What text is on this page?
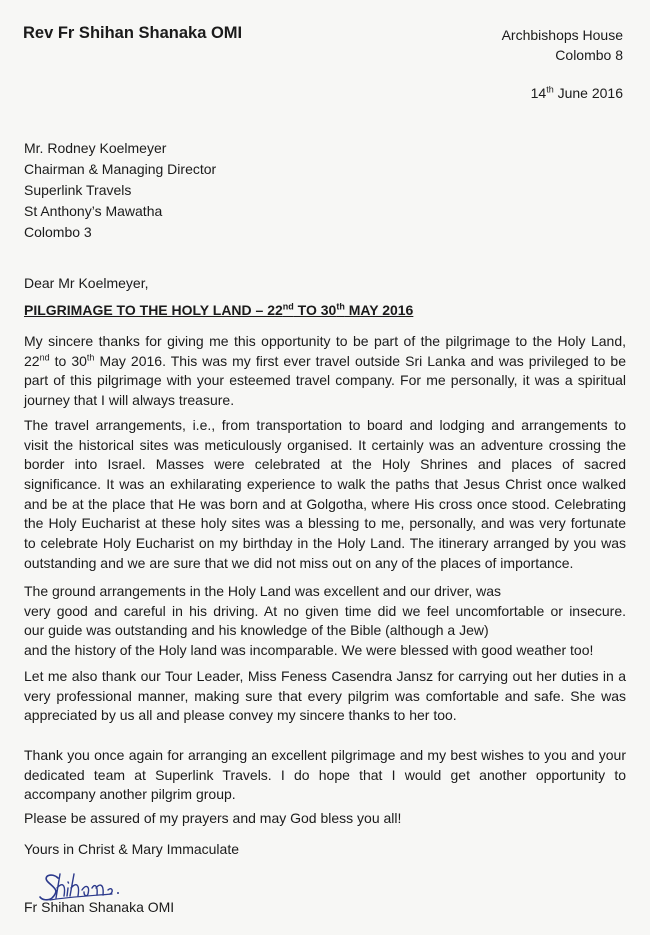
Rev Fr Shihan Shanaka OMI	Archbishops House
Colombo 8
14th June 2016
Mr. Rodney Koelmeyer
Chairman & Managing Director
Superlink Travels
St Anthony’s Mawatha
Colombo 3
Dear Mr Koelmeyer,
PILGRIMAGE TO THE HOLY LAND – 22nd TO 30th MAY 2016
My sincere thanks for giving me this opportunity to be part of the pilgrimage to the Holy Land,
22nd to 30th May 2016. This was my first ever travel outside Sri Lanka and was privileged to be
part of this pilgrimage with your esteemed travel company. For me personally, it was a spiritual
journey that I will always treasure.
The travel arrangements, i.e., from transportation to board and lodging and arrangements to
visit the historical sites was meticulously organised. It certainly was an adventure crossing the
border into Israel. Masses were celebrated at the Holy Shrines and places of sacred
significance. It was an exhilarating experience to walk the paths that Jesus Christ once walked
and be at the place that He was born and at Golgotha, where His cross once stood. Celebrating
the Holy Eucharist at these holy sites was a blessing to me, personally, and was very fortunate
to celebrate Holy Eucharist on my birthday in the Holy Land. The itinerary arranged by you was
outstanding and we are sure that we did not miss out on any of the places of importance.
The ground arrangements in the Holy Land was excellent and our driver, was
very good and careful in his driving. At no given time did we feel uncomfortable or insecure.
our guide was outstanding and his knowledge of the Bible (although a Jew)
and the history of the Holy land was incomparable. We were blessed with good weather too!
Let me also thank our Tour Leader, Miss Feness Casendra Jansz for carrying out her duties in a
very professional manner, making sure that every pilgrim was comfortable and safe. She was
appreciated by us all and please convey my sincere thanks to her too.
Thank you once again for arranging an excellent pilgrimage and my best wishes to you and your
dedicated team at Superlink Travels. I do hope that I would get another opportunity to
accompany another pilgrim group.
Please be assured of my prayers and may God bless you all!
Yours in Christ & Mary Immaculate
Fr Shihan Shanaka OMI
